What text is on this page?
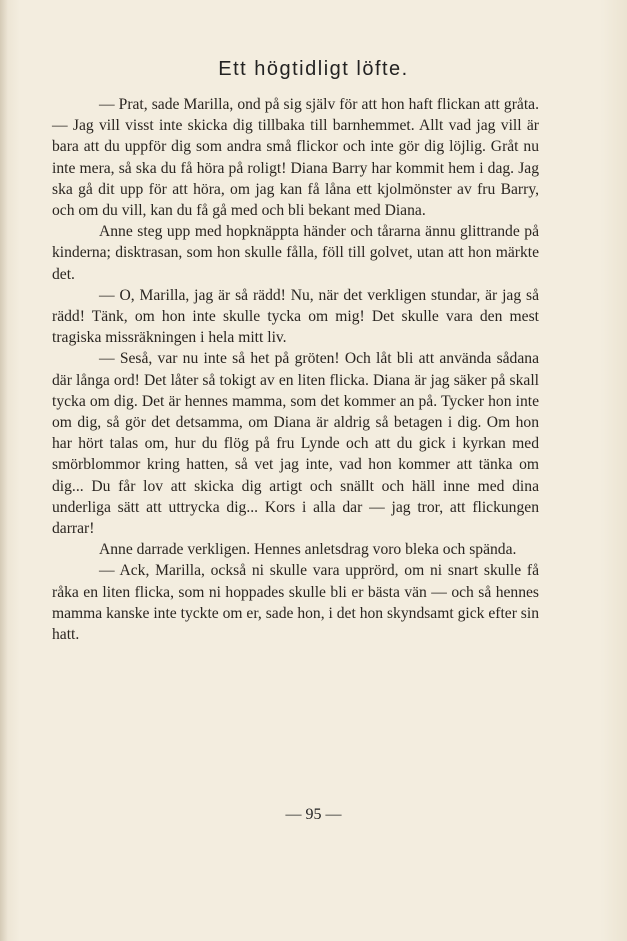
Ett högtidligt löfte.

— Prat, sade Marilla, ond på sig själv för att hon haft flickan att gråta. — Jag vill visst inte skicka dig tillbaka till barnhemmet. Allt vad jag vill är bara att du uppför dig som andra små flickor och inte gör dig löjlig. Gråt nu inte mera, så ska du få höra på roligt! Diana Barry har kommit hem i dag. Jag ska gå dit upp för att höra, om jag kan få låna ett kjolmönster av fru Barry, och om du vill, kan du få gå med och bli bekant med Diana.

Anne steg upp med hopknäppta händer och tårarna ännu glittrande på kinderna; disktrasan, som hon skulle fålla, föll till golvet, utan att hon märkte det.

— O, Marilla, jag är så rädd! Nu, när det verkligen stundar, är jag så rädd! Tänk, om hon inte skulle tycka om mig! Det skulle vara den mest tragiska missräkningen i hela mitt liv.

— Seså, var nu inte så het på gröten! Och låt bli att använda sådana där långa ord! Det låter så tokigt av en liten flicka. Diana är jag säker på skall tycka om dig. Det är hennes mamma, som det kommer an på. Tycker hon inte om dig, så gör det detsamma, om Diana är aldrig så betagen i dig. Om hon har hört talas om, hur du flög på fru Lynde och att du gick i kyrkan med smörblommor kring hatten, så vet jag inte, vad hon kommer att tänka om dig... Du får lov att skicka dig artigt och snällt och häll inne med dina underliga sätt att uttrycka dig... Kors i alla dar — jag tror, att flickungen darrar!

Anne darrade verkligen. Hennes anletsdrag voro bleka och spända.

— Ack, Marilla, också ni skulle vara upprörd, om ni snart skulle få råka en liten flicka, som ni hoppades skulle bli er bästa vän — och så hennes mamma kanske inte tyckte om er, sade hon, i det hon skyndsamt gick efter sin hatt.

— 95 —
